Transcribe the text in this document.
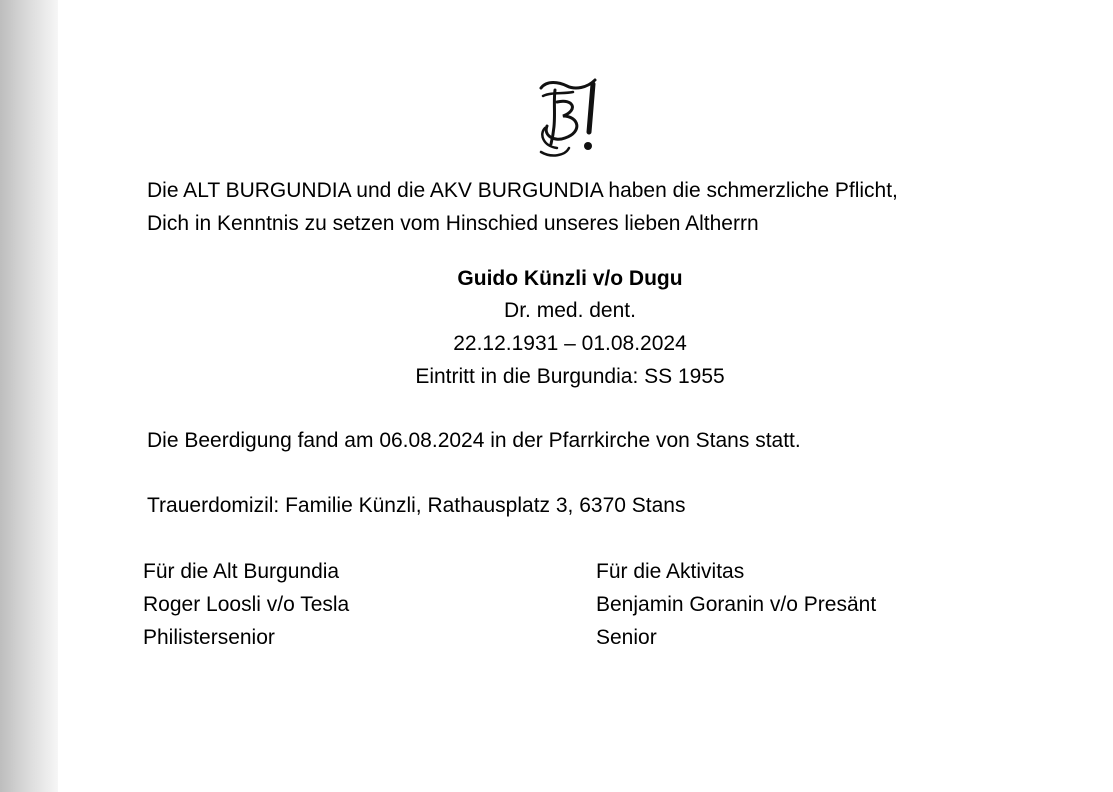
Die ALT BURGUNDIA und die AKV BURGUNDIA haben die schmerzliche Pflicht,
Dich in Kenntnis zu setzen vom Hinschied unseres lieben Altherrn
Guido Künzli v/o Dugu
Dr. med. dent.
22.12.1931 – 01.08.2024
Eintritt in die Burgundia: SS 1955
Die Beerdigung fand am 06.08.2024 in der Pfarrkirche von Stans statt.
Trauerdomizil: Familie Künzli, Rathausplatz 3, 6370 Stans
Für die Alt Burgundia
Roger Loosli v/o Tesla
Philistersenior
Für die Aktivitas
Benjamin Goranin v/o Presänt
Senior
